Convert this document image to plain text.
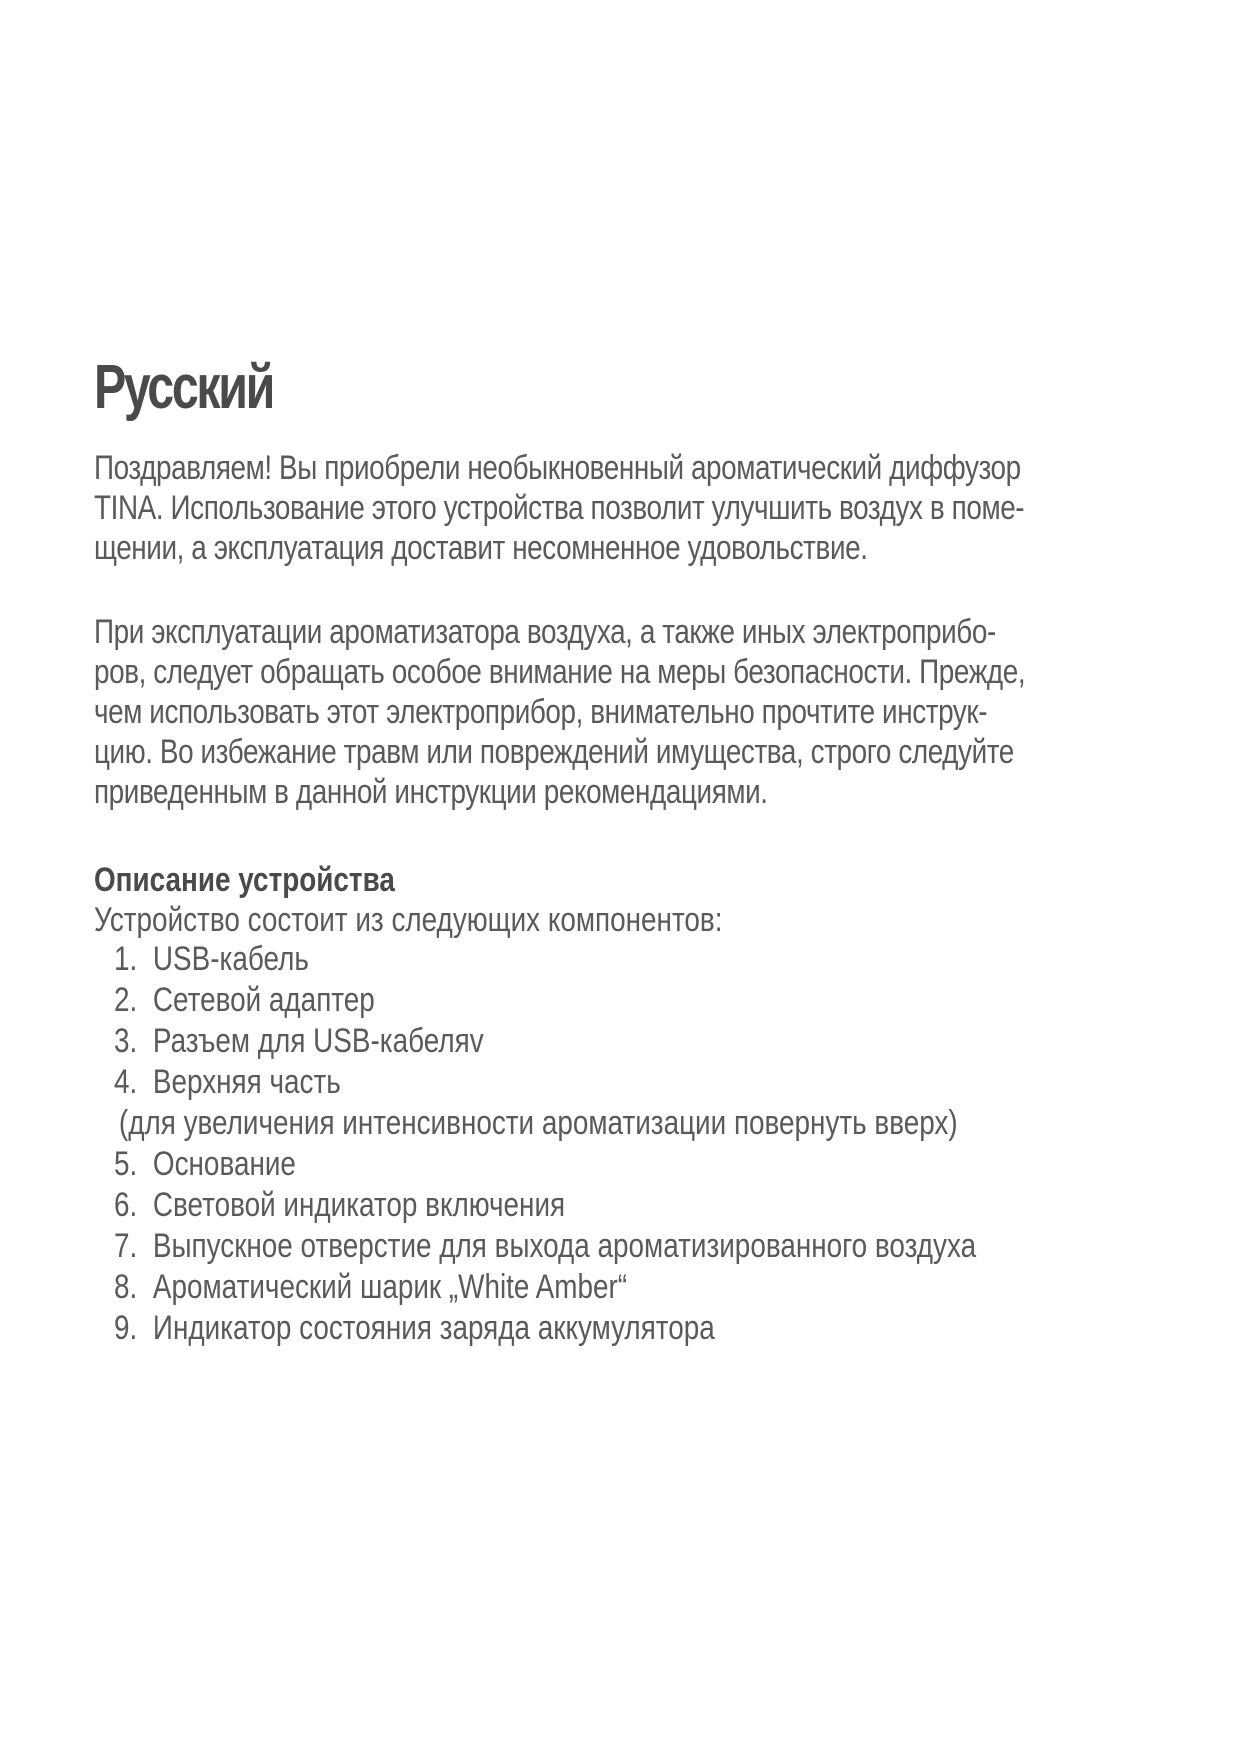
Русский
Поздравляем! Вы приобрели необыкновенный ароматический диффузор
TINA. Использование этого устройства позволит улучшить воздух в поме-
щении, а эксплуатация доставит несомненное удовольствие.
При эксплуатации ароматизатора воздуха, а также иных электроприбо-
ров, следует обращать особое внимание на меры безопасности. Прежде,
чем использовать этот электроприбор, внимательно прочтите инструк-
цию. Во избежание травм или повреждений имущества, строго следуйте
приведенным в данной инструкции рекомендациями.
Описание устройства
Устройство состоит из следующих компонентов:
1. USB-кабель
2. Сетевой адаптер
3. Разъем для USB-кабеляv
4. Верхняя часть
(для увеличения интенсивности ароматизации повернуть вверх)
5. Основание
6. Световой индикатор включения
7. Выпускное отверстие для выхода ароматизированного воздуха
8. Ароматический шарик „White Amber“
9. Индикатор состояния заряда аккумулятора
